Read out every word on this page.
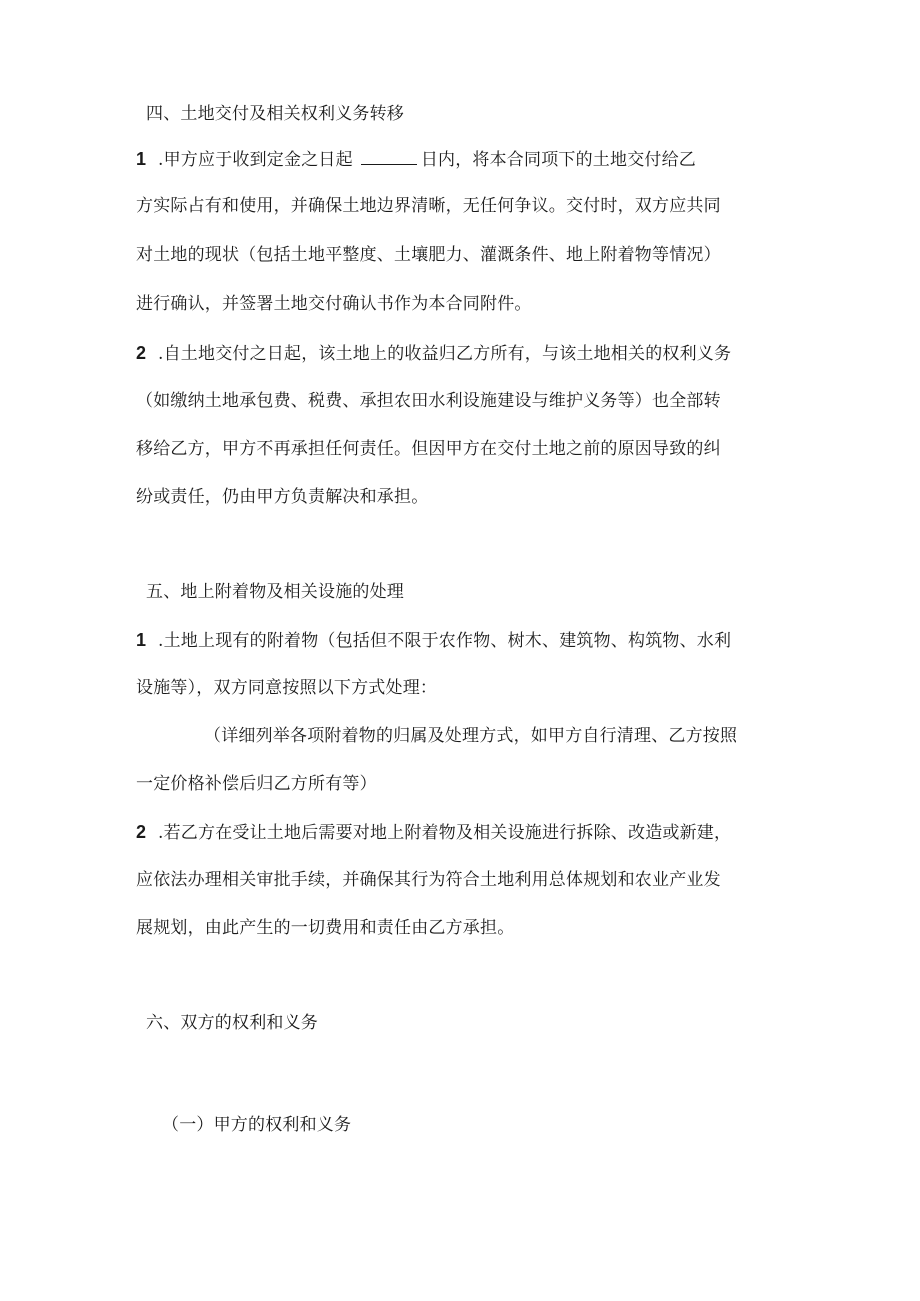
四、土地交付及相关权利义务转移
1 .甲方应于收到定金之日起	日内，将本合同项下的土地交付给乙
方实际占有和使用，并确保土地边界清晰，无任何争议。交付时，双方应共同
对土地的现状（包括土地平整度、土壤肥力、灌溉条件、地上附着物等情况）
进行确认，并签署土地交付确认书作为本合同附件。
2 .自土地交付之日起，该土地上的收益归乙方所有，与该土地相关的权利义务
（如缴纳土地承包费、税费、承担农田水利设施建设与维护义务等）也全部转
移给乙方，甲方不再承担任何责任。但因甲方在交付土地之前的原因导致的纠
纷或责任，仍由甲方负责解决和承担。
五、地上附着物及相关设施的处理
1 .土地上现有的附着物（包括但不限于农作物、树木、建筑物、构筑物、水利
设施等），双方同意按照以下方式处理：
（详细列举各项附着物的归属及处理方式，如甲方自行清理、乙方按照
一定价格补偿后归乙方所有等）
2 .若乙方在受让土地后需要对地上附着物及相关设施进行拆除、改造或新建，
应依法办理相关审批手续，并确保其行为符合土地利用总体规划和农业产业发
展规划，由此产生的一切费用和责任由乙方承担。
六、双方的权利和义务
（一）甲方的权利和义务
